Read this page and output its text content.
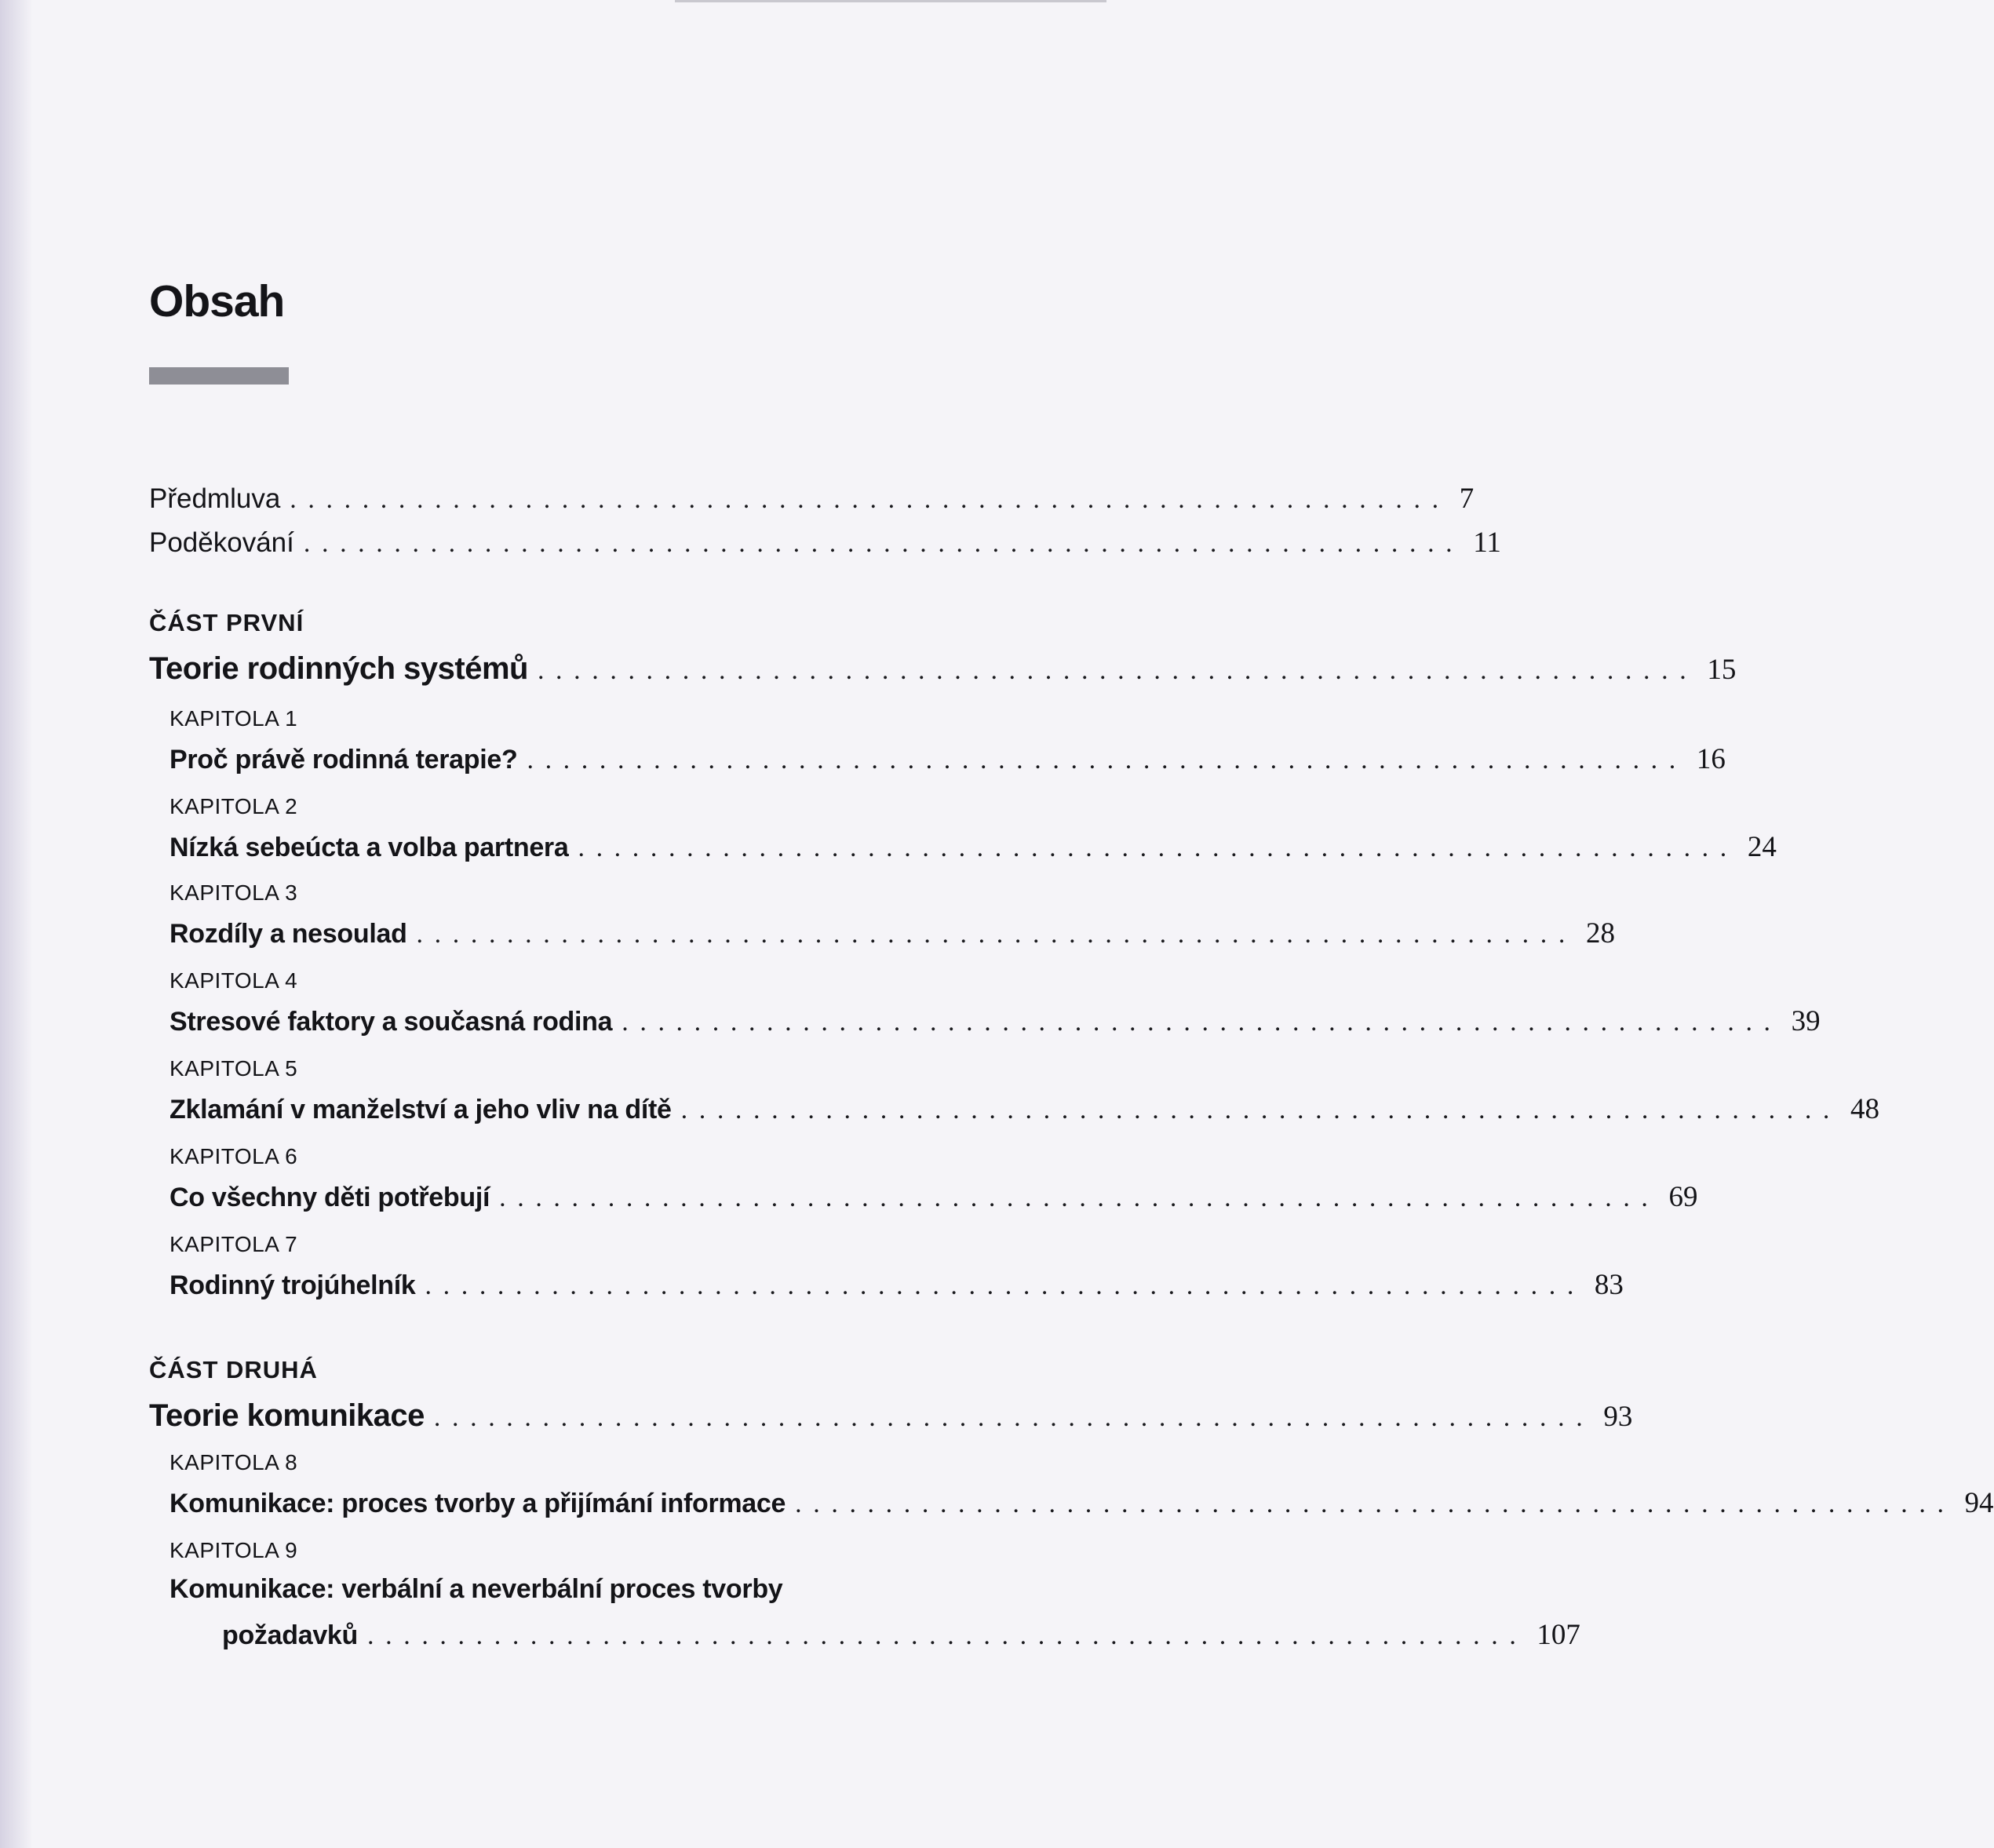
Obsah
Předmluva ................................................................ 7
Poděkování ................................................................ 11
ČÁST PRVNÍ
Teorie rodinných systémů ................................................................ 15
KAPITOLA 1
Proč právě rodinná terapie? ................................................................ 16
KAPITOLA 2
Nízká sebeúcta a volba partnera ................................................................ 24
KAPITOLA 3
Rozdíly a nesoulad ................................................................ 28
KAPITOLA 4
Stresové faktory a současná rodina ................................................................ 39
KAPITOLA 5
Zklamání v manželství a jeho vliv na dítě ................................................................ 48
KAPITOLA 6
Co všechny děti potřebují ................................................................ 69
KAPITOLA 7
Rodinný trojúhelník ................................................................ 83
ČÁST DRUHÁ
Teorie komunikace ................................................................ 93
KAPITOLA 8
Komunikace: proces tvorby a přijímání informace ................................................................ 94
KAPITOLA 9
Komunikace: verbální a neverbální proces tvorby
požadavků ................................................................ 107
